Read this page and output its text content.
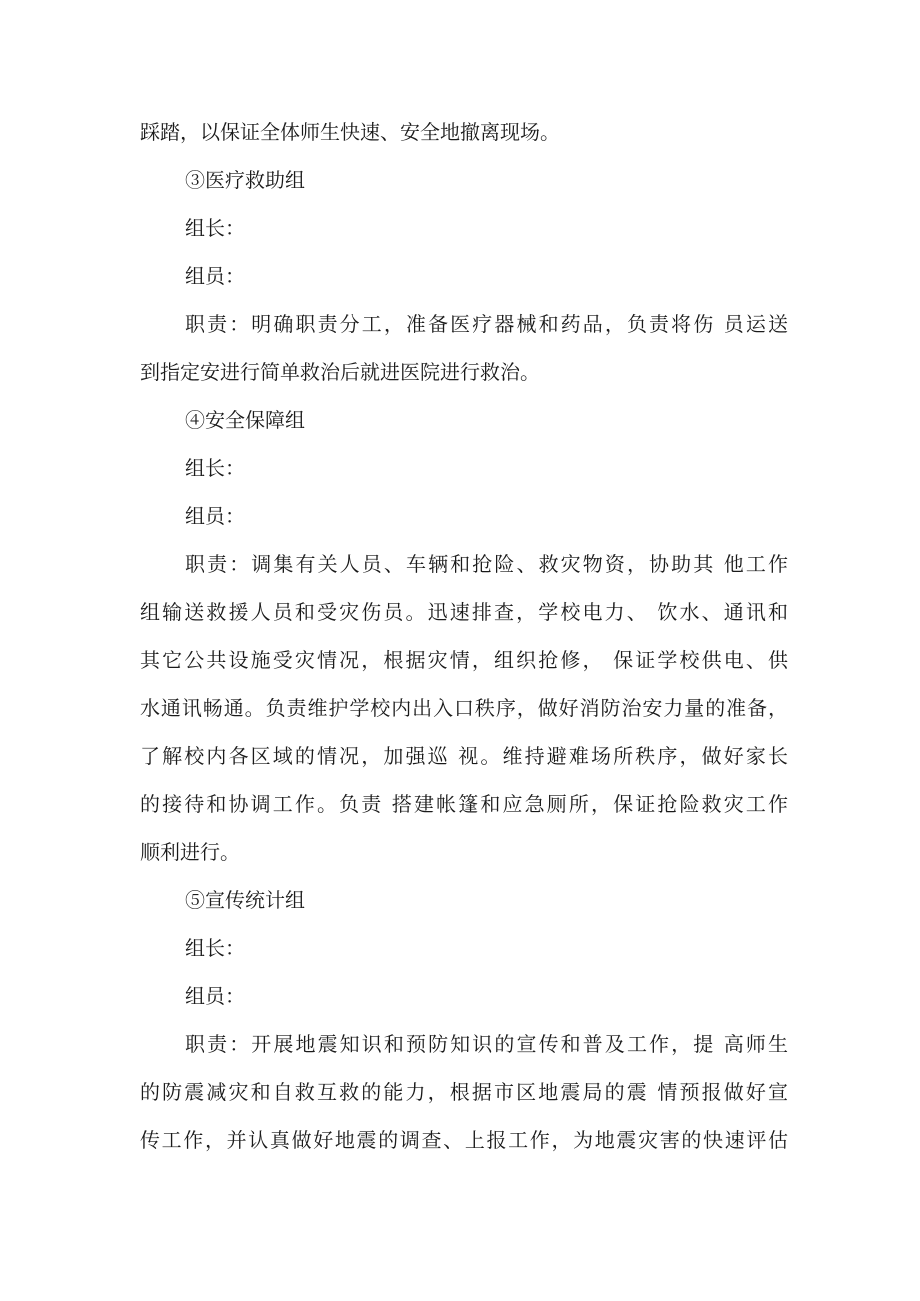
踩踏，以保证全体师生快速、安全地撤离现场。
③医疗救助组
组长：
组员：
职责：明确职责分工，准备医疗器械和药品，负责将伤 员运送
到指定安进行简单救治后就进医院进行救治。
④安全保障组
组长：
组员：
职责：调集有关人员、车辆和抢险、救灾物资，协助其 他工作
组输送救援人员和受灾伤员。迅速排查，学校电力、 饮水、通讯和
其它公共设施受灾情况，根据灾情，组织抢修， 保证学校供电、供
水通讯畅通。负责维护学校内出入口秩序，做好消防治安力量的准备，
了解校内各区域的情况，加强巡 视。维持避难场所秩序，做好家长
的接待和协调工作。负责 搭建帐篷和应急厕所，保证抢险救灾工作
顺利进行。
⑤宣传统计组
组长：
组员：
职责：开展地震知识和预防知识的宣传和普及工作，提 高师生
的防震减灾和自救互救的能力，根据市区地震局的震 情预报做好宣
传工作，并认真做好地震的调查、上报工作，为地震灾害的快速评估
